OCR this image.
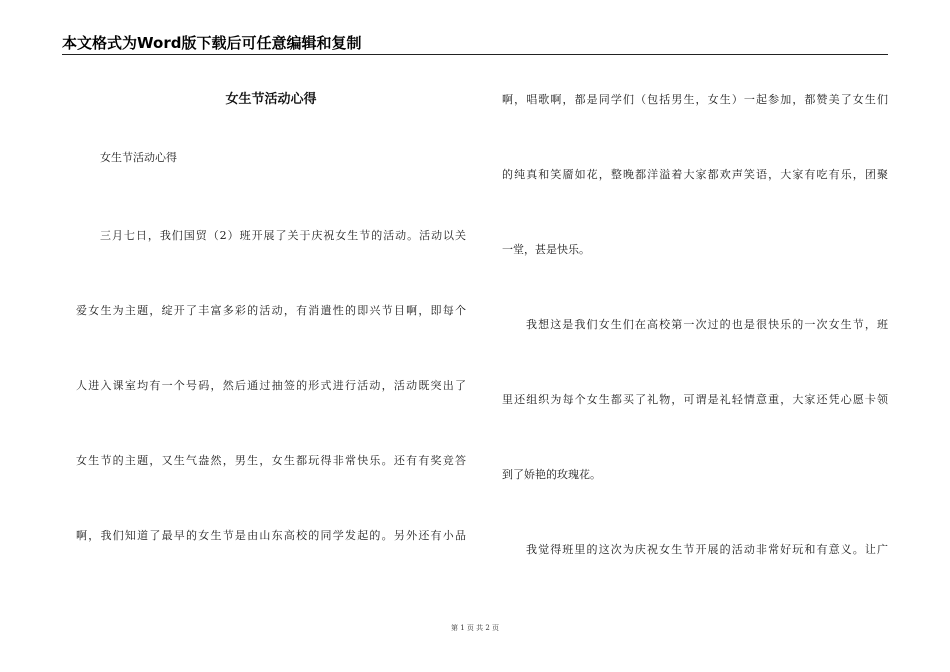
本文格式为Word版下载后可任意编辑和复制
女生节活动心得
女生节活动心得
三月七日，我们国贸（2）班开展了关于庆祝女生节的活动。活动以关
爱女生为主题，绽开了丰富多彩的活动，有消遣性的即兴节目啊，即每个
人进入课室均有一个号码，然后通过抽签的形式进行活动，活动既突出了
女生节的主题，又生气盎然，男生，女生都玩得非常快乐。还有有奖竞答
啊，我们知道了最早的女生节是由山东高校的同学发起的。另外还有小品
啊，唱歌啊，都是同学们（包括男生，女生）一起参加，都赞美了女生们
的纯真和笑靥如花，整晚都洋溢着大家都欢声笑语，大家有吃有乐，团聚
一堂，甚是快乐。
我想这是我们女生们在高校第一次过的也是很快乐的一次女生节，班
里还组织为每个女生都买了礼物，可谓是礼轻情意重，大家还凭心愿卡领
到了娇艳的玫瑰花。
我觉得班里的这次为庆祝女生节开展的活动非常好玩和有意义。让广
第 1 页 共 2 页
